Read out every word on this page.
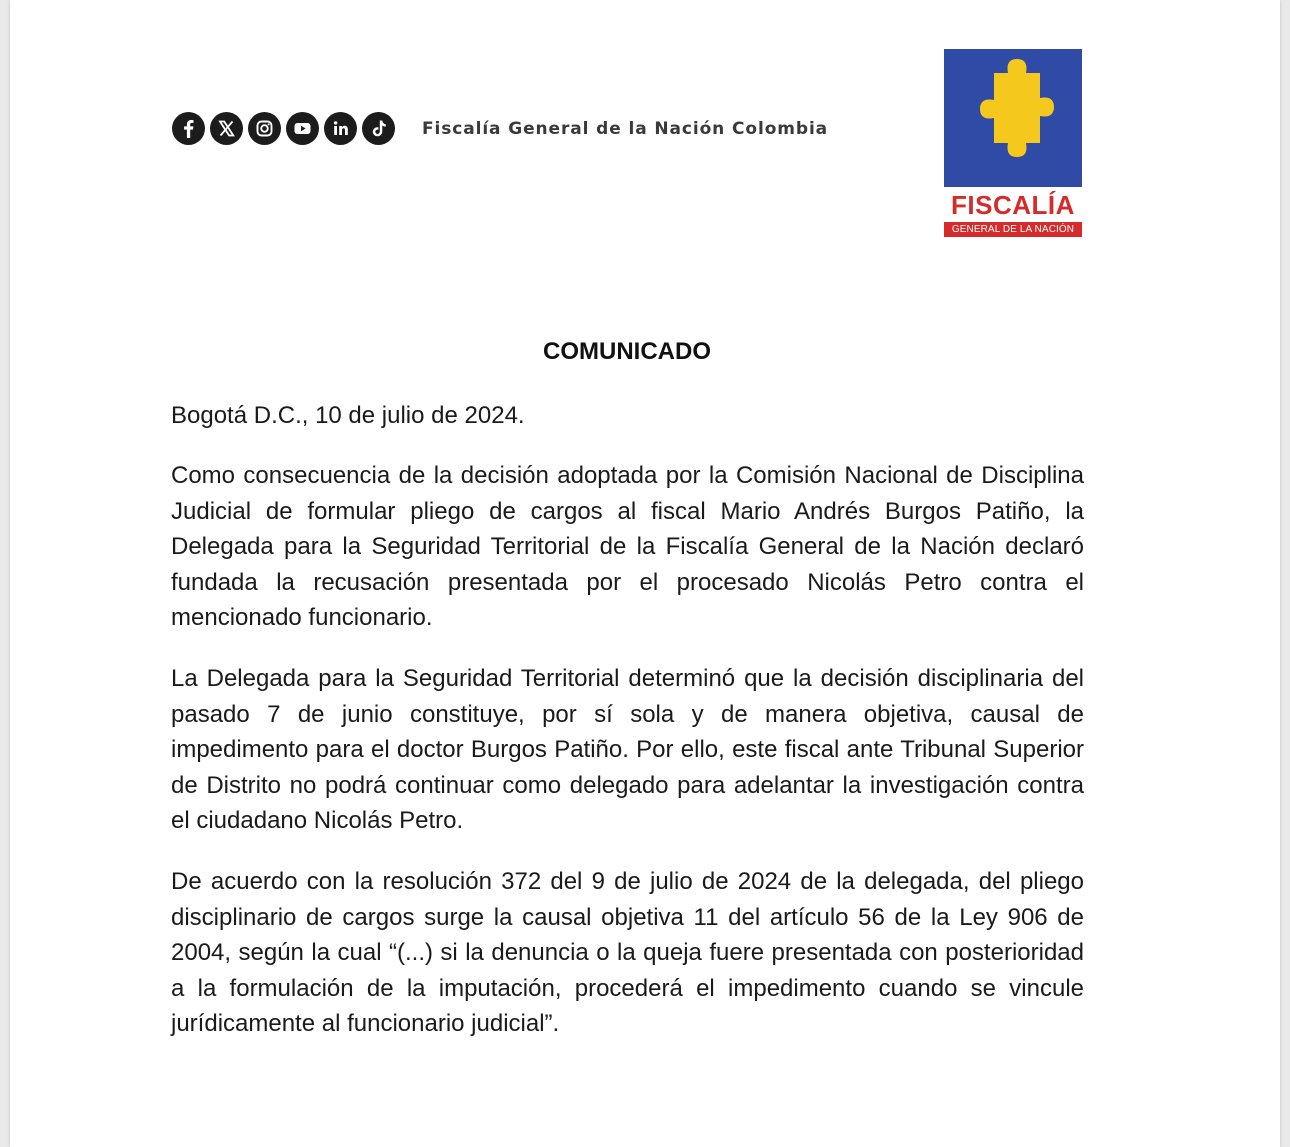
Fiscalía General de la Nación Colombia
FISCALÍA
GENERAL DE LA NACIÓN
COMUNICADO

Bogotá D.C., 10 de julio de 2024.

Como consecuencia de la decisión adoptada por la Comisión Nacional de Disciplina Judicial de formular pliego de cargos al fiscal Mario Andrés Burgos Patiño, la Delegada para la Seguridad Territorial de la Fiscalía General de la Nación declaró fundada la recusación presentada por el procesado Nicolás Petro contra el mencionado funcionario.

La Delegada para la Seguridad Territorial determinó que la decisión disciplinaria del pasado 7 de junio constituye, por sí sola y de manera objetiva, causal de impedimento para el doctor Burgos Patiño. Por ello, este fiscal ante Tribunal Superior de Distrito no podrá continuar como delegado para adelantar la investigación contra el ciudadano Nicolás Petro.

De acuerdo con la resolución 372 del 9 de julio de 2024 de la delegada, del pliego disciplinario de cargos surge la causal objetiva 11 del artículo 56 de la Ley 906 de 2004, según la cual “(...) si la denuncia o la queja fuere presentada con posterioridad a la formulación de la imputación, procederá el impedimento cuando se vincule jurídicamente al funcionario judicial”.
